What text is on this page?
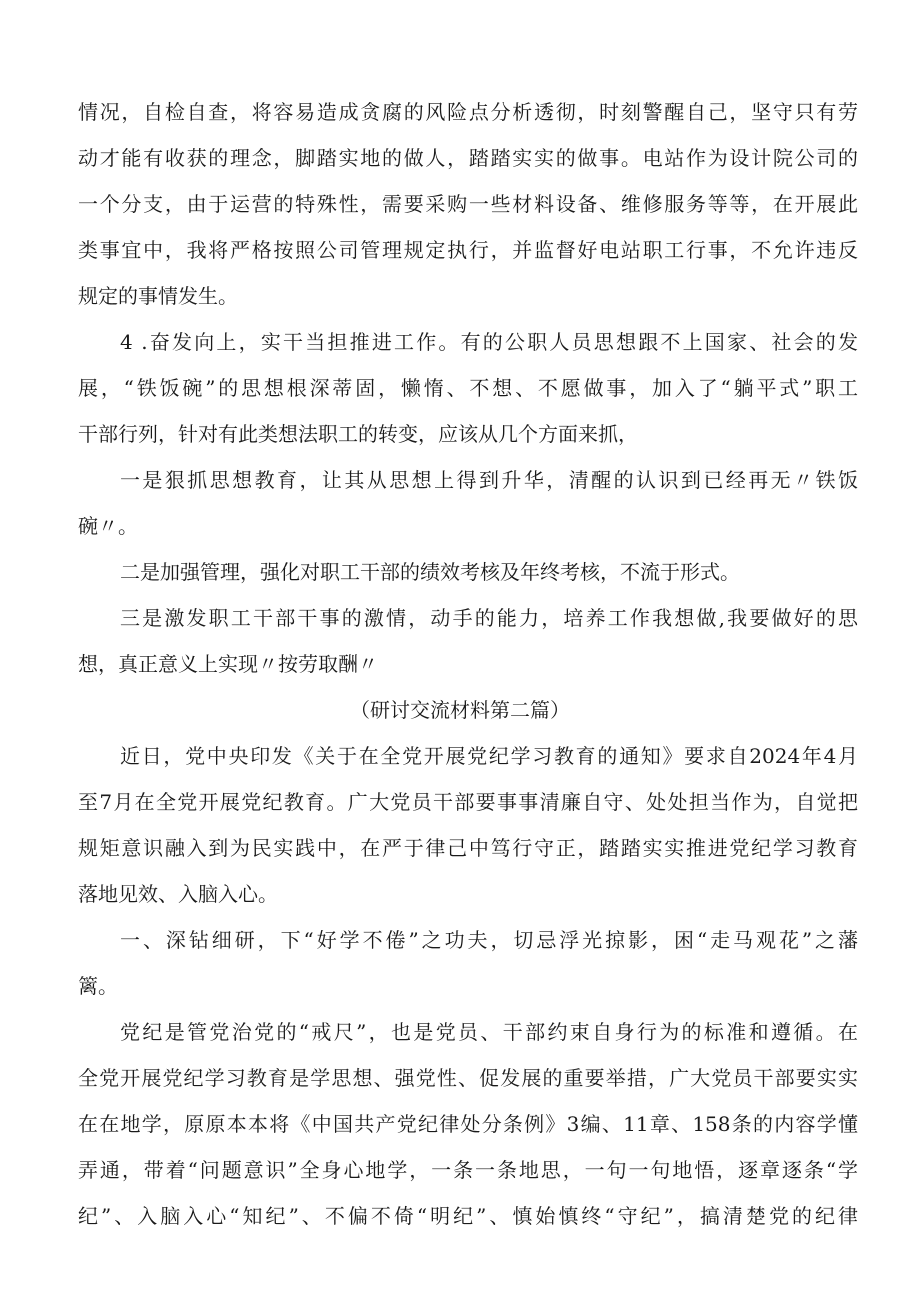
情况，自检自查，将容易造成贪腐的风险点分析透彻，时刻警醒自己，坚守只有劳
动才能有收获的理念，脚踏实地的做人，踏踏实实的做事。电站作为设计院公司的
一个分支，由于运营的特殊性，需要采购一些材料设备、维修服务等等，在开展此
类事宜中，我将严格按照公司管理规定执行，并监督好电站职工行事，不允许违反
规定的事情发生。
4 .奋发向上，实干当担推进工作。有的公职人员思想跟不上国家、社会的发
展，“铁饭碗”的思想根深蒂固，懒惰、不想、不愿做事，加入了“躺平式”职工
干部行列，针对有此类想法职工的转变，应该从几个方面来抓，
一是狠抓思想教育，让其从思想上得到升华，清醒的认识到已经再无〃铁饭
碗〃。
二是加强管理，强化对职工干部的绩效考核及年终考核，不流于形式。
三是激发职工干部干事的激情，动手的能力，培养工作我想做,我要做好的思
想，真正意义上实现〃按劳取酬〃
（研讨交流材料第二篇）
近日，党中央印发《关于在全党开展党纪学习教育的通知》要求自2024年4月
至7月在全党开展党纪教育。广大党员干部要事事清廉自守、处处担当作为，自觉把
规矩意识融入到为民实践中，在严于律己中笃行守正，踏踏实实推进党纪学习教育
落地见效、入脑入心。
一、深钻细研，下“好学不倦”之功夫，切忌浮光掠影，困“走马观花”之藩
篱。
党纪是管党治党的“戒尺”，也是党员、干部约束自身行为的标准和遵循。在
全党开展党纪学习教育是学思想、强党性、促发展的重要举措，广大党员干部要实实
在在地学，原原本本将《中国共产党纪律处分条例》3编、11章、158条的内容学懂
弄通，带着“问题意识”全身心地学，一条一条地思，一句一句地悟，逐章逐条“学
纪”、入脑入心“知纪”、不偏不倚“明纪”、慎始慎终“守纪”，搞清楚党的纪律
